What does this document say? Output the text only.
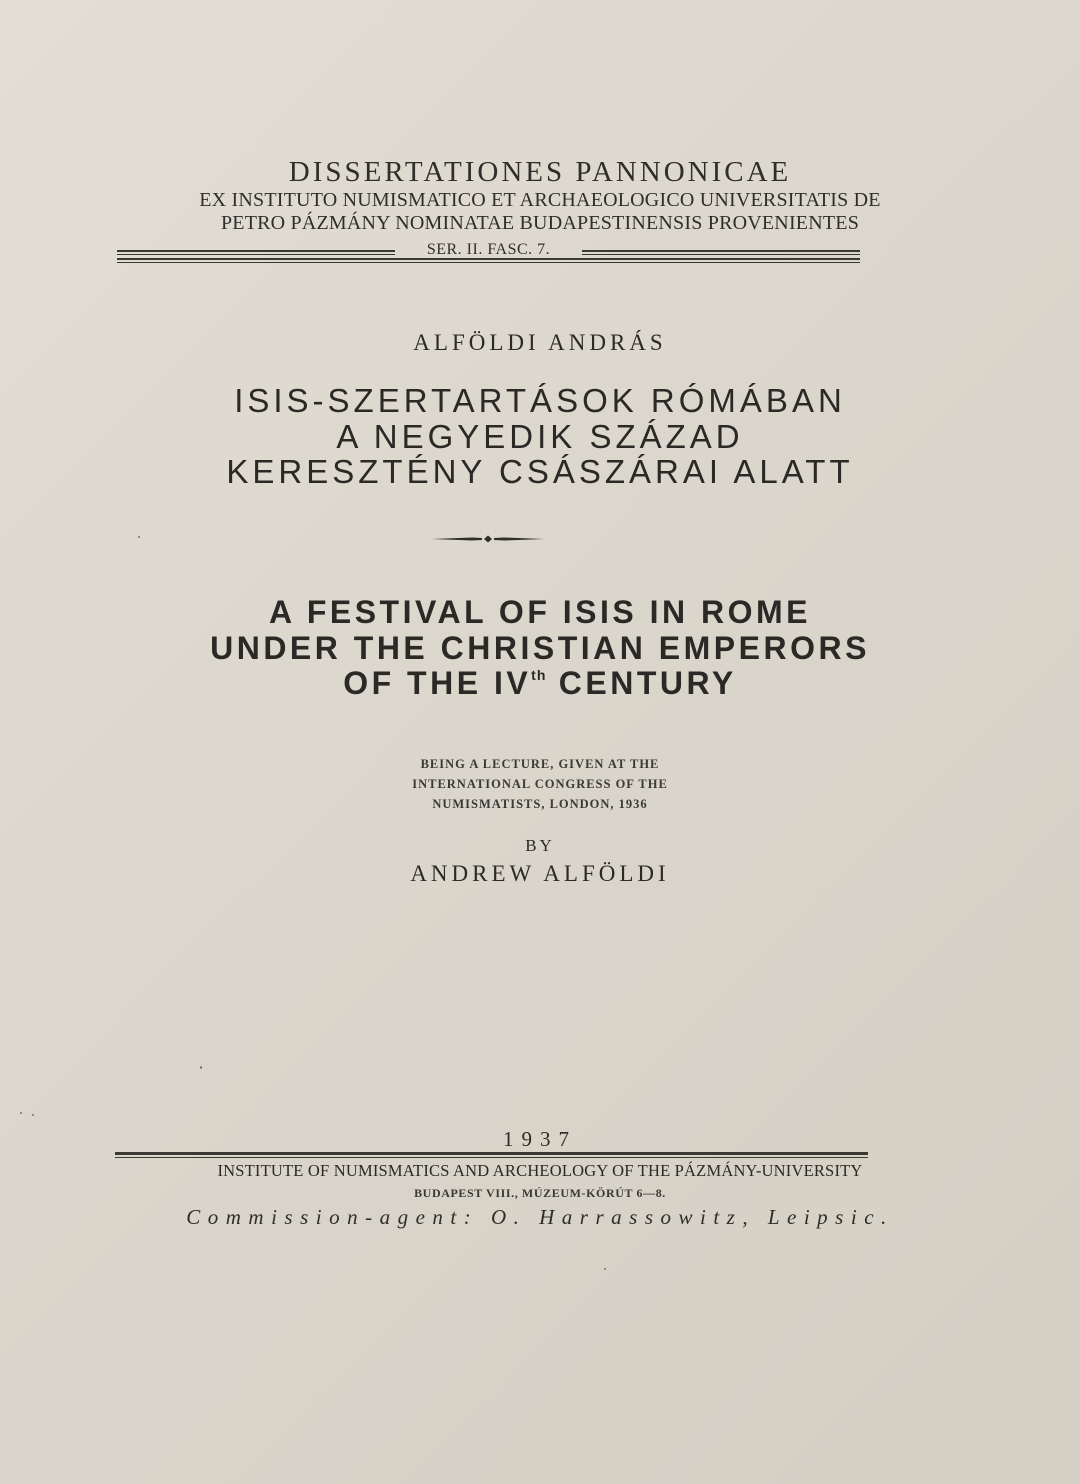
DISSERTATIONES PANNONICAE
EX INSTITUTO NUMISMATICO ET ARCHAEOLOGICO UNIVERSITATIS DE
PETRO PÁZMÁNY NOMINATAE BUDAPESTINENSIS PROVENIENTES
SER. II. FASC. 7.
ALFÖLDI ANDRÁS
ISIS-SZERTARTÁSOK RÓMÁBAN
A NEGYEDIK SZÁZAD
KERESZTÉNY CSÁSZÁRAI ALATT
A FESTIVAL OF ISIS IN ROME
UNDER THE CHRISTIAN EMPERORS
OF THE IVth CENTURY
BEING A LECTURE, GIVEN AT THE
INTERNATIONAL CONGRESS OF THE
NUMISMATISTS, LONDON, 1936
BY
ANDREW ALFÖLDI
1937
INSTITUTE OF NUMISMATICS AND ARCHEOLOGY OF THE PÁZMÁNY-UNIVERSITY
BUDAPEST VIII., MÚZEUM-KÖRÚT 6—8.
Commission-agent: O. Harrassowitz, Leipsic.
